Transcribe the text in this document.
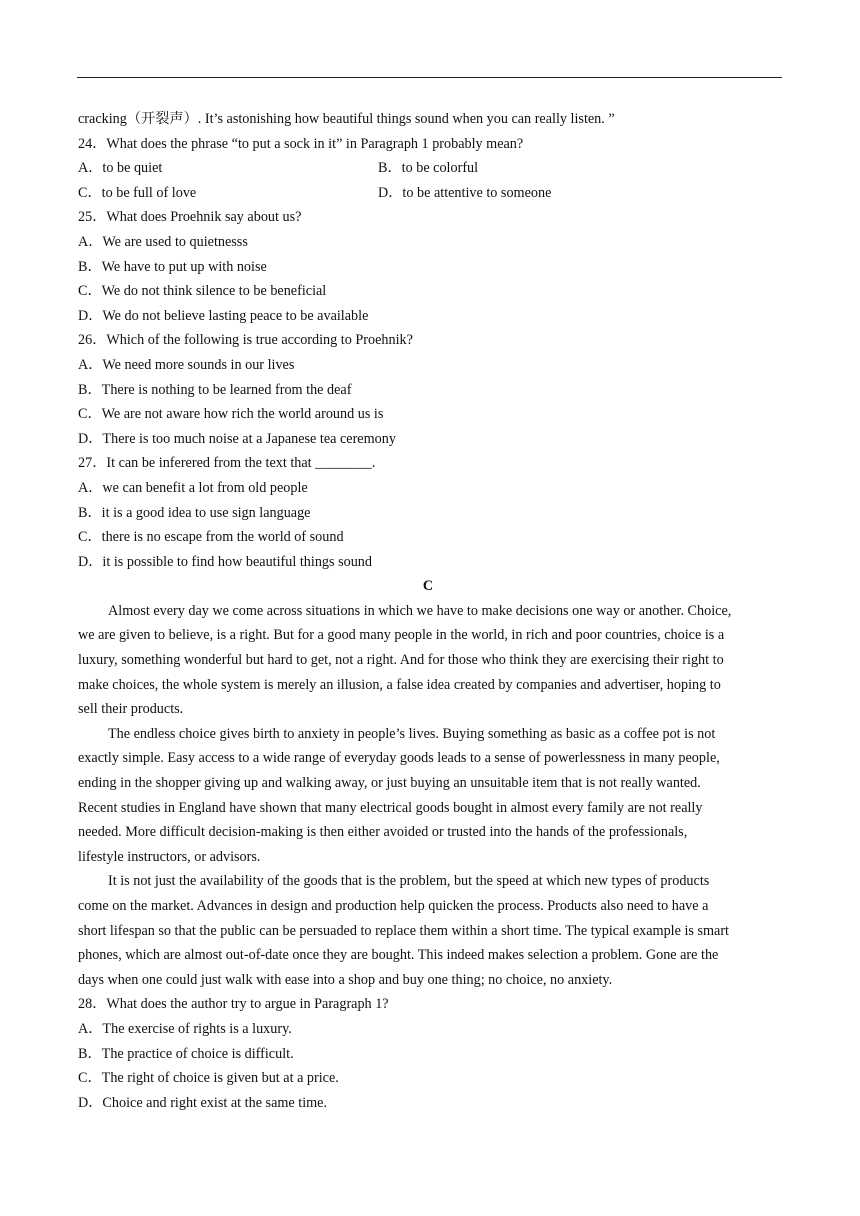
cracking（开裂声）. It’s astonishing how beautiful things sound when you can really listen. ”
24．What does the phrase “to put a sock in it” in Paragraph 1 probably mean?
A．to be quiet	B．to be colorful
C．to be full of love	D．to be attentive to someone
25．What does Proehnik say about us?
A．We are used to quietnesss
B．We have to put up with noise
C．We do not think silence to be beneficial
D．We do not believe lasting peace to be available
26．Which of the following is true according to Proehnik?
A．We need more sounds in our lives
B．There is nothing to be learned from the deaf
C．We are not aware how rich the world around us is
D．There is too much noise at a Japanese tea ceremony
27．It can be inferered from the text that ________.
A．we can benefit a lot from old people
B．it is a good idea to use sign language
C．there is no escape from the world of sound
D．it is possible to find how beautiful things sound
C
Almost every day we come across situations in which we have to make decisions one way or another. Choice,
we are given to believe, is a right. But for a good many people in the world, in rich and poor countries, choice is a
luxury, something wonderful but hard to get, not a right. And for those who think they are exercising their right to
make choices, the whole system is merely an illusion, a false idea created by companies and advertiser, hoping to
sell their products.
The endless choice gives birth to anxiety in people’s lives. Buying something as basic as a coffee pot is not
exactly simple. Easy access to a wide range of everyday goods leads to a sense of powerlessness in many people,
ending in the shopper giving up and walking away, or just buying an unsuitable item that is not really wanted.
Recent studies in England have shown that many electrical goods bought in almost every family are not really
needed. More difficult decision-making is then either avoided or trusted into the hands of the professionals,
lifestyle instructors, or advisors.
It is not just the availability of the goods that is the problem, but the speed at which new types of products
come on the market. Advances in design and production help quicken the process. Products also need to have a
short lifespan so that the public can be persuaded to replace them within a short time. The typical example is smart
phones, which are almost out-of-date once they are bought. This indeed makes selection a problem. Gone are the
days when one could just walk with ease into a shop and buy one thing; no choice, no anxiety.
28．What does the author try to argue in Paragraph 1?
A．The exercise of rights is a luxury.
B．The practice of choice is difficult.
C．The right of choice is given but at a price.
D．Choice and right exist at the same time.
